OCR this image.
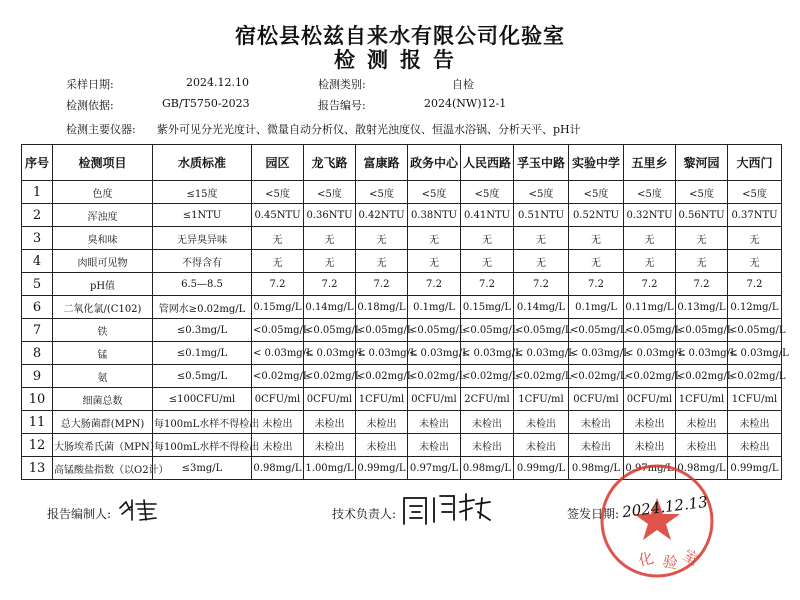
宿松县松兹自来水有限公司化验室
检测报告
采样日期:	2024.12.10	检测类别:	自检
检测依据:	GB/T5750-2023	报告编号:	2024(NW)12-1
检测主要仪器: 紫外可见分光光度计、微量自动分析仪、散射光浊度仪、恒温水浴锅、分析天平、pH计
序号	检测项目	水质标准	园区	龙飞路	富康路	政务中心	人民西路	孚玉中路	实验中学	五里乡	黎河园	大西门
1	色度	≤15度	<5度	<5度	<5度	<5度	<5度	<5度	<5度	<5度	<5度	<5度
2	浑浊度	≤1NTU	0.45NTU	0.36NTU	0.42NTU	0.38NTU	0.41NTU	0.51NTU	0.52NTU	0.32NTU	0.56NTU	0.37NTU
3	臭和味	无异臭异味	无	无	无	无	无	无	无	无	无	无
4	肉眼可见物	不得含有	无	无	无	无	无	无	无	无	无	无
5	pH值	6.5—8.5	7.2	7.2	7.2	7.2	7.2	7.2	7.2	7.2	7.2	7.2
6	二氧化氯/(C102)	管网水≥0.02mg/L	0.15mg/L	0.14mg/L	0.18mg/L	0.1mg/L	0.15mg/L	0.14mg/L	0.1mg/L	0.11mg/L	0.13mg/L	0.12mg/L
7	铁	≤0.3mg/L	<0.05mg/L	<0.05mg/L	<0.05mg/L	<0.05mg/L	<0.05mg/L	<0.05mg/L	<0.05mg/L	<0.05mg/L	<0.05mg/L	<0.05mg/L
8	锰	≤0.1mg/L	< 0.03mg/L	< 0.03mg/L	< 0.03mg/L	< 0.03mg/L	< 0.03mg/L	< 0.03mg/L	< 0.03mg/L	< 0.03mg/L	< 0.03mg/L	< 0.03mg/L
9	氨	≤0.5mg/L	<0.02mg/L	<0.02mg/L	<0.02mg/L	<0.02mg/L	<0.02mg/L	<0.02mg/L	<0.02mg/L	<0.02mg/L	<0.02mg/L	<0.02mg/L
10	细菌总数	≤100CFU/ml	0CFU/ml	0CFU/ml	1CFU/ml	0CFU/ml	2CFU/ml	1CFU/ml	0CFU/ml	0CFU/ml	1CFU/ml	1CFU/ml
11	总大肠菌群(MPN)	每100mL水样不得检出	未检出	未检出	未检出	未检出	未检出	未检出	未检出	未检出	未检出	未检出
12	大肠埃希氏菌（MPN）	每100mL水样不得检出	未检出	未检出	未检出	未检出	未检出	未检出	未检出	未检出	未检出	未检出
13	高锰酸盐指数（以O2计）	≤3mg/L	0.98mg/L	1.00mg/L	0.99mg/L	0.97mg/L	0.98mg/L	0.99mg/L	0.98mg/L	0.97mg/L	0.98mg/L	0.99mg/L
报告编制人:	技术负责人:	签发日期:
化 验 室
2024.12.13
